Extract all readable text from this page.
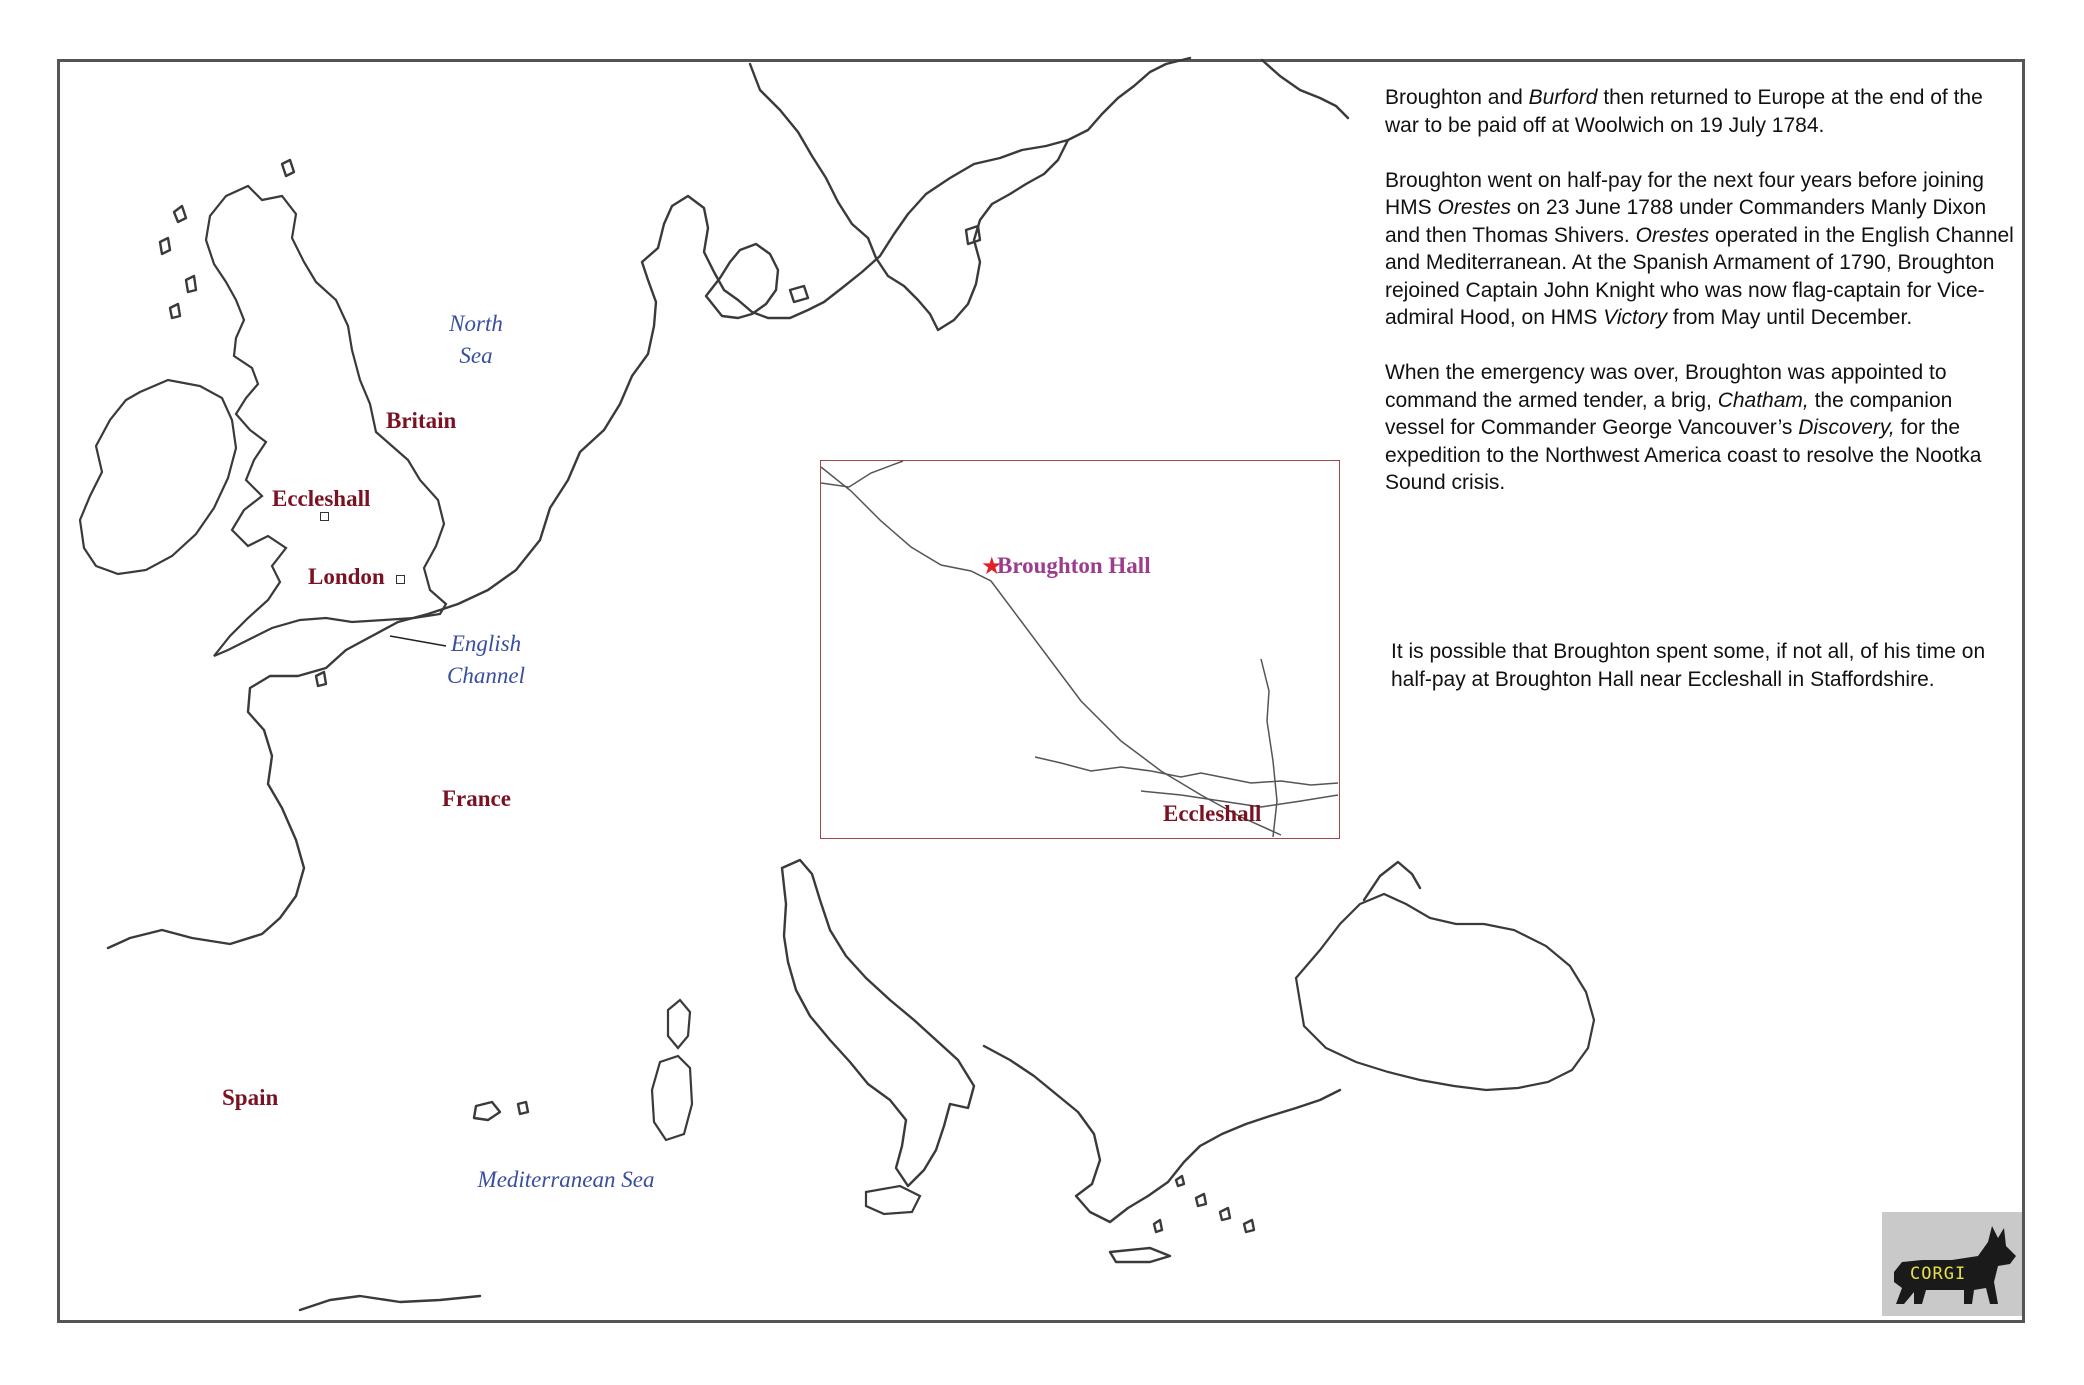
Britain
Eccleshall
London
France
Spain
North
Sea
English
Channel
Mediterranean Sea
★
Broughton Hall
Eccleshall

Broughton and Burford then returned to Europe at the end of the war to be paid off at Woolwich on 19 July 1784.

Broughton went on half-pay for the next four years before joining HMS Orestes on 23 June 1788 under Commanders Manly Dixon and then Thomas Shivers. Orestes operated in the English Channel and Mediterranean. At the Spanish Armament of 1790, Broughton rejoined Captain John Knight who was now flag-captain for Vice-admiral Hood, on HMS Victory from May until December.

When the emergency was over, Broughton was appointed to command the armed tender, a brig, Chatham, the companion vessel for Commander George Vancouver’s Discovery, for the expedition to the Northwest America coast to resolve the Nootka Sound crisis.

It is possible that Broughton spent some, if not all, of his time on half-pay at Broughton Hall near Eccleshall in Staffordshire.
CORGI
